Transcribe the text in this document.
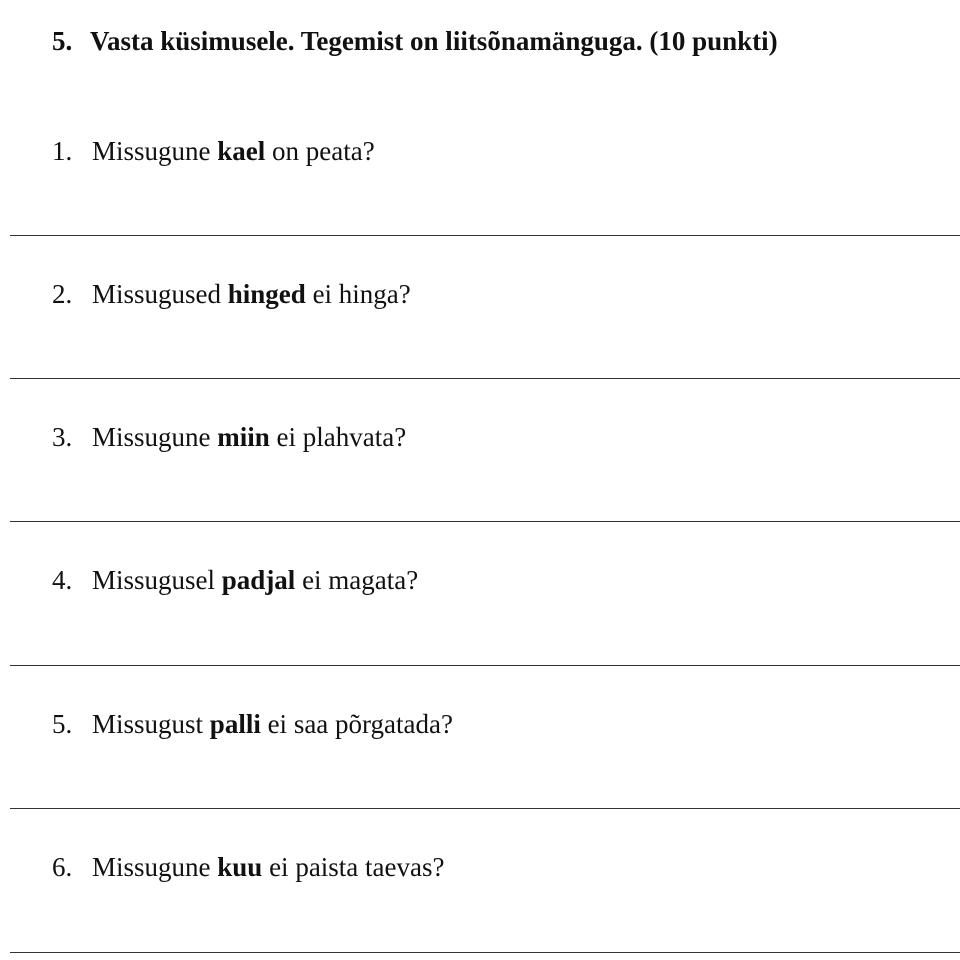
5. Vasta küsimusele. Tegemist on liitsõnamänguga. (10 punkti)
1. Missugune kael on peata?
2. Missugused hinged ei hinga?
3. Missugune miin ei plahvata?
4. Missugusel padjal ei magata?
5. Missugust palli ei saa põrgatada?
6. Missugune kuu ei paista taevas?
